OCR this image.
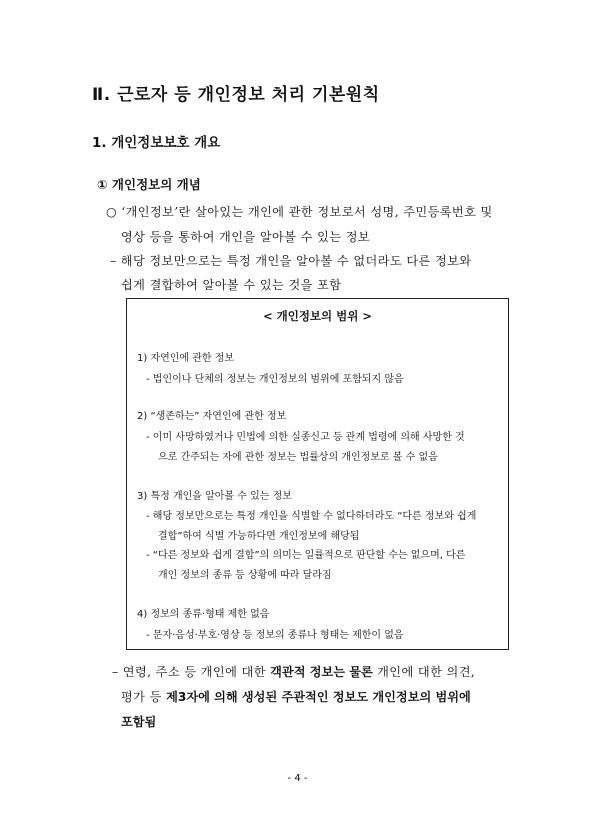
Ⅱ. 근로자 등 개인정보 처리 기본원칙
1. 개인정보보호 개요
① 개인정보의 개념
○ ‘개인정보’란 살아있는 개인에 관한 정보로서 성명, 주민등록번호 및
영상 등을 통하여 개인을 알아볼 수 있는 정보
– 해당 정보만으로는 특정 개인을 알아볼 수 없더라도 다른 정보와
쉽게 결합하여 알아볼 수 있는 것을 포함
< 개인정보의 범위 >
1) 자연인에 관한 정보
- 법인이나 단체의 정보는 개인정보의 범위에 포함되지 않음
2) “생존하는” 자연인에 관한 정보
- 이미 사망하였거나 민법에 의한 실종신고 등 관계 법령에 의해 사망한 것
으로 간주되는 자에 관한 정보는 법률상의 개인정보로 볼 수 없음
3) 특정 개인을 알아볼 수 있는 정보
- 해당 정보만으로는 특정 개인을 식별할 수 없다하더라도 “다른 정보와 쉽게
결합”하여 식별 가능하다면 개인정보에 해당됨
- “다른 정보와 쉽게 결합”의 의미는 일률적으로 판단할 수는 없으며, 다른
개인 정보의 종류 등 상황에 따라 달라짐
4) 정보의 종류·형태 제한 없음
- 문자·음성·부호·영상 등 정보의 종류나 형태는 제한이 없음
– 연령, 주소 등 개인에 대한 객관적 정보는 물론 개인에 대한 의견,
평가 등 제3자에 의해 생성된 주관적인 정보도 개인정보의 범위에
포함됨
- 4 -
